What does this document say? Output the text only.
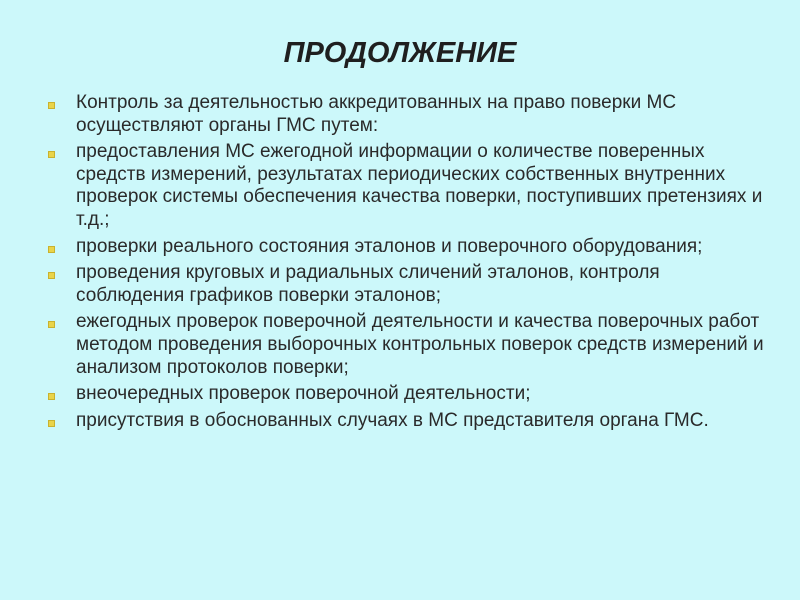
ПРОДОЛЖЕНИЕ
Контроль за деятельностью аккредитованных на право поверки МС осуществляют органы ГМС путем:
предоставления МС ежегодной информации о количестве поверенных средств измерений, результатах периодических собственных внутренних проверок системы обеспечения качества поверки, поступивших претензиях и т.д.;
проверки реального состояния эталонов и поверочного оборудования;
проведения круговых и радиальных сличений эталонов, контроля соблюдения графиков поверки эталонов;
ежегодных проверок поверочной деятельности и качества поверочных работ методом проведения выборочных контрольных поверок средств измерений и анализом протоколов поверки;
внеочередных проверок поверочной деятельности;
присутствия в обоснованных случаях в МС представителя органа ГМС.
